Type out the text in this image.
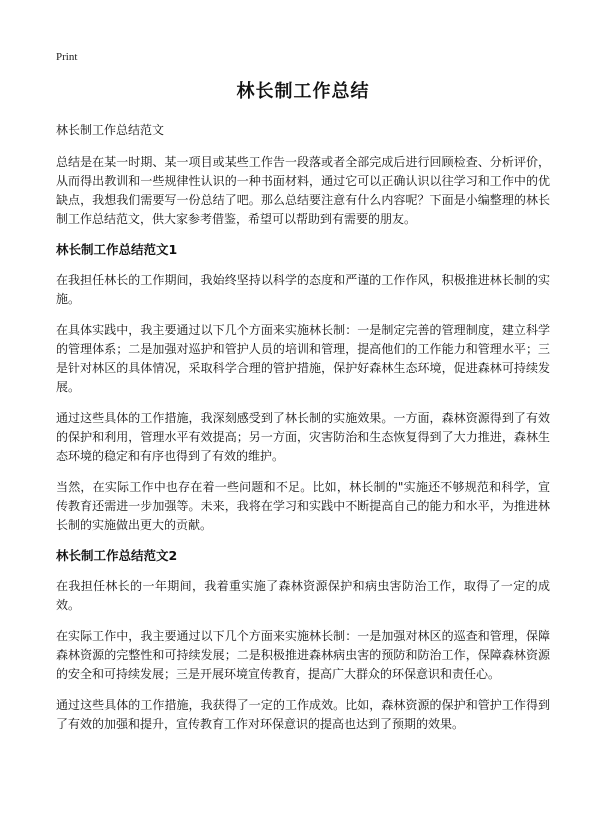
Print
林长制工作总结
林长制工作总结范文

总结是在某一时期、某一项目或某些工作告一段落或者全部完成后进行回顾检查、分析评价，从而得出教训和一些规律性认识的一种书面材料，通过它可以正确认识以往学习和工作中的优缺点，我想我们需要写一份总结了吧。那么总结要注意有什么内容呢？下面是小编整理的林长制工作总结范文，供大家参考借鉴，希望可以帮助到有需要的朋友。

林长制工作总结范文1

在我担任林长的工作期间，我始终坚持以科学的态度和严谨的工作作风，积极推进林长制的实施。

在具体实践中，我主要通过以下几个方面来实施林长制：一是制定完善的管理制度，建立科学的管理体系；二是加强对巡护和管护人员的培训和管理，提高他们的工作能力和管理水平；三是针对林区的具体情况，采取科学合理的管护措施，保护好森林生态环境，促进森林可持续发展。

通过这些具体的工作措施，我深刻感受到了林长制的实施效果。一方面，森林资源得到了有效的保护和利用，管理水平有效提高；另一方面，灾害防治和生态恢复得到了大力推进，森林生态环境的稳定和有序也得到了有效的维护。

当然，在实际工作中也存在着一些问题和不足。比如，林长制的"实施还不够规范和科学，宣传教育还需进一步加强等。未来，我将在学习和实践中不断提高自己的能力和水平，为推进林长制的实施做出更大的贡献。

林长制工作总结范文2

在我担任林长的一年期间，我着重实施了森林资源保护和病虫害防治工作，取得了一定的成效。

在实际工作中，我主要通过以下几个方面来实施林长制：一是加强对林区的巡查和管理，保障森林资源的完整性和可持续发展；二是积极推进森林病虫害的预防和防治工作，保障森林资源的安全和可持续发展；三是开展环境宣传教育，提高广大群众的环保意识和责任心。

通过这些具体的工作措施，我获得了一定的工作成效。比如，森林资源的保护和管护工作得到了有效的加强和提升，宣传教育工作对环保意识的提高也达到了预期的效果。
